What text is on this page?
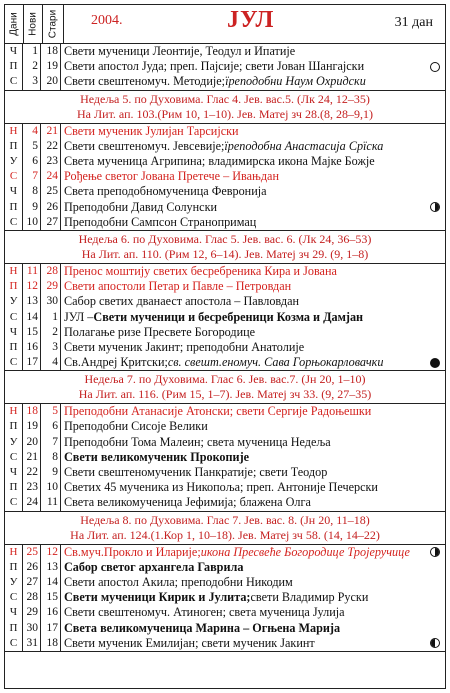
Дани Нови Стари 2004.	ЈУЛ	31 дан
Ч	1 18 Свети мученици Леонтије, Теодул и Ипатије
П	2 19 Свети апостол Јуда; преп. Пајсије; свети Јован Шангајски
С	3 20 Свети свештеномуч. Методије; ïреподобни Наум Охридски
Недеља 5. по Духовима. Глас 4. Јев. вас.5. (Лк 24, 12–35)
На Лит. ап. 103.(Рим 10, 1–10). Јев. Матеј зч 28.(8, 28–9,1)
Н	4 21 Свети мученик Јулијан Тарсијски
П	5 22 Свети свештеномуч. Јевсевије; ïреподобна Анастасија Срïска
У	6 23 Света мученица Агрипина; владимирска икона Мајке Божје
С	7 24 Рођење светог Јована Претече – Ивањдан
Ч	8 25 Света преподобномученица Февронија
П	9 26 Преподобни Давид Солунски
С 10 27 Преподобни Сампсон Странопримац
Недеља 6. по Духовима. Глас 5. Јев. вас. 6. (Лк 24, 36–53)
На Лит. ап. 110. (Рим 12, 6–14). Јев. Матеј зч 29. (9, 1–8)
Н 11 28 Пренос моштију светих бесребреника Кира и Јована
П 12 29 Свети апостоли Петар и Павле – Петровдан
У 13 30 Сабор светих дванаест апостола – Павловдан
С 14	1 ЈУЛ – Свети мученици и бесребреници Козма и Дамјан
Ч 15	2 Полагање ризе Пресвете Богородице
П 16	3 Свети мученик Јакинт; преподобни Анатолије
С 17	4 Св.Андреј Критски; св. свешт.еномуч. Сава Горњокарловачки
Недеља 7. по Духовима. Глас 6. Јев. вас.7. (Јн 20, 1–10)
На Лит. ап. 116. (Рим 15, 1–7). Јев. Матеј зч 33. (9, 27–35)
Н 18	5 Преподобни Атанасије Атонски; свети Сергије Радоњешки
П 19	6 Преподобни Сисоје Велики
У 20	7 Преподобни Тома Малеин; света мученица Недеља
С 21	8 Свети великомученик Прокопије
Ч 22	9 Свети свештеномученик Панкратије; свети Теодор
П 23 10 Светих 45 мученика из Никопоља; преп. Антоније Печерски
С 24 11 Света великомученица Јефимија; блажена Олга
Недеља 8. по Духовима. Глас 7. Јев. вас. 8. (Јн 20, 11–18)
На Лит. ап. 124.(1.Кор 1, 10–18). Јев. Матеј зч 58. (14, 14–22)
Н 25 12 Св.муч.Прокло и Иларије; икона Пресвеће Богородице Тројеручице
П 26 13 Сабор светог архангела Гаврила
У 27 14 Свети апостол Акила; преподобни Никодим
С 28 15 Свети мученици Кирик и Јулита; свети Владимир Руски
Ч 29 16 Свети свештеномуч. Атиноген; света мученица Јулија
П 30 17 Света великомученица Марина – Огњена Марија
С 31 18 Свети мученик Емилијан; свети мученик Јакинт
